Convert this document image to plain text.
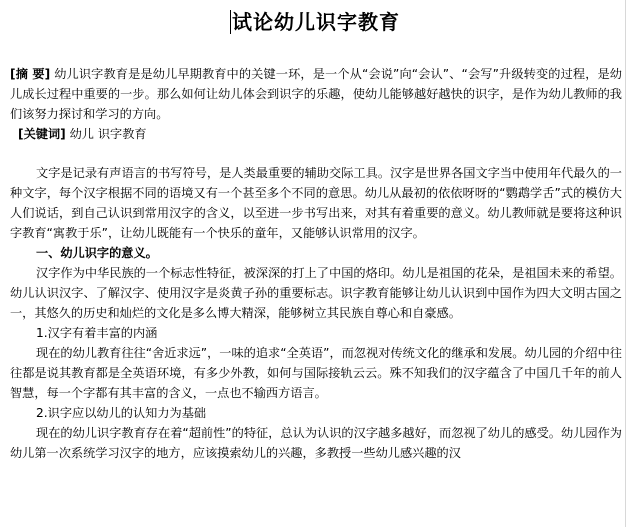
试论幼儿识字教育
[摘 要] 幼儿识字教育是是幼儿早期教育中的关键一环，是一个从“会说”向“会认”、“会写”升级转变的过程，是幼儿成长过程中重要的一步。那么如何让幼儿体会到识字的乐趣，使幼儿能够越好越快的识字，是作为幼儿教师的我们该努力探讨和学习的方向。
[关键词] 幼儿 识字教育

文字是记录有声语言的书写符号，是人类最重要的辅助交际工具。汉字是世界各国文字当中使用年代最久的一种文字，每个汉字根据不同的语境又有一个甚至多个不同的意思。幼儿从最初的依依呀呀的“鹦鹉学舌”式的模仿大人们说话，到自己认识到常用汉字的含义，以至进一步书写出来，对其有着重要的意义。幼儿教师就是要将这种识字教育“寓教于乐”，让幼儿既能有一个快乐的童年，又能够认识常用的汉字。

一、幼儿识字的意义。

汉字作为中华民族的一个标志性特征，被深深的打上了中国的烙印。幼儿是祖国的花朵，是祖国未来的希望。幼儿认识汉字、了解汉字、使用汉字是炎黄子孙的重要标志。识字教育能够让幼儿认识到中国作为四大文明古国之一，其悠久的历史和灿烂的文化是多么博大精深，能够树立其民族自尊心和自豪感。

1.汉字有着丰富的内涵

现在的幼儿教育往往“舍近求远”，一味的追求“全英语”，而忽视对传统文化的继承和发展。幼儿园的介绍中往往都是说其教育都是全英语环境，有多少外教，如何与国际接轨云云。殊不知我们的汉字蕴含了中国几千年的前人智慧，每一个字都有其丰富的含义，一点也不输西方语言。

2.识字应以幼儿的认知力为基础

现在的幼儿识字教育存在着“超前性”的特征，总认为认识的汉字越多越好，而忽视了幼儿的感受。幼儿园作为幼儿第一次系统学习汉字的地方，应该摸索幼儿的兴趣，多教授一些幼儿感兴趣的汉
